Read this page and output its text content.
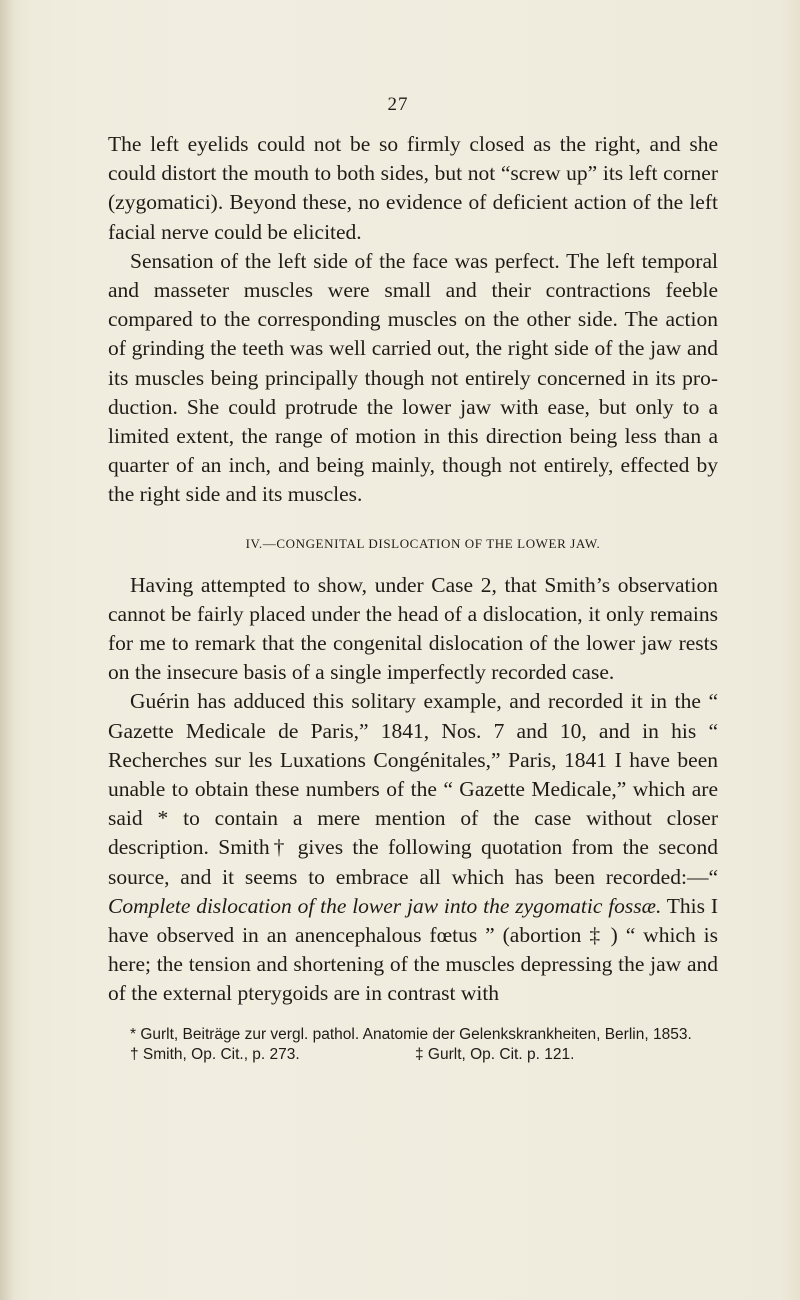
27

The left eyelids could not be so firmly closed as the right, and she could distort the mouth to both sides, but not “screw up” its left corner (zygomatici). Beyond these, no evidence of deficient action of the left facial nerve could be elicited.

Sensation of the left side of the face was perfect. The left temporal and masseter muscles were small and their contractions feeble compared to the corresponding muscles on the other side. The action of grinding the teeth was well carried out, the right side of the jaw and its muscles being principally though not entirely concerned in its production. She could protrude the lower jaw with ease, but only to a limited extent, the range of motion in this direction being less than a quarter of an inch, and being mainly, though not entirely, effected by the right side and its muscles.

IV.—CONGENITAL DISLOCATION OF THE LOWER JAW.

Having attempted to show, under Case 2, that Smith’s observation cannot be fairly placed under the head of a dislocation, it only remains for me to remark that the congenital dislocation of the lower jaw rests on the insecure basis of a single imperfectly recorded case.

Guérin has adduced this solitary example, and recorded it in the “ Gazette Medicale de Paris,” 1841, Nos. 7 and 10, and in his “ Recherches sur les Luxations Congénitales,” Paris, 1841 I have been unable to obtain these numbers of the “ Gazette Medicale,” which are said * to contain a mere mention of the case without closer description. Smith† gives the following quotation from the second source, and it seems to embrace all which has been recorded:—“ Complete dislocation of the lower jaw into the zygomatic fossæ. This I have observed in an anencephalous fœtus ” (abortion ‡ ) “ which is here; the tension and shortening of the muscles depressing the jaw and of the external pterygoids are in contrast with

* Gurlt, Beiträge zur vergl. pathol. Anatomie der Gelenkskrankheiten, Berlin, 1853.

† Smith, Op. Cit., p. 273.	‡ Gurlt, Op. Cit. p. 121.
